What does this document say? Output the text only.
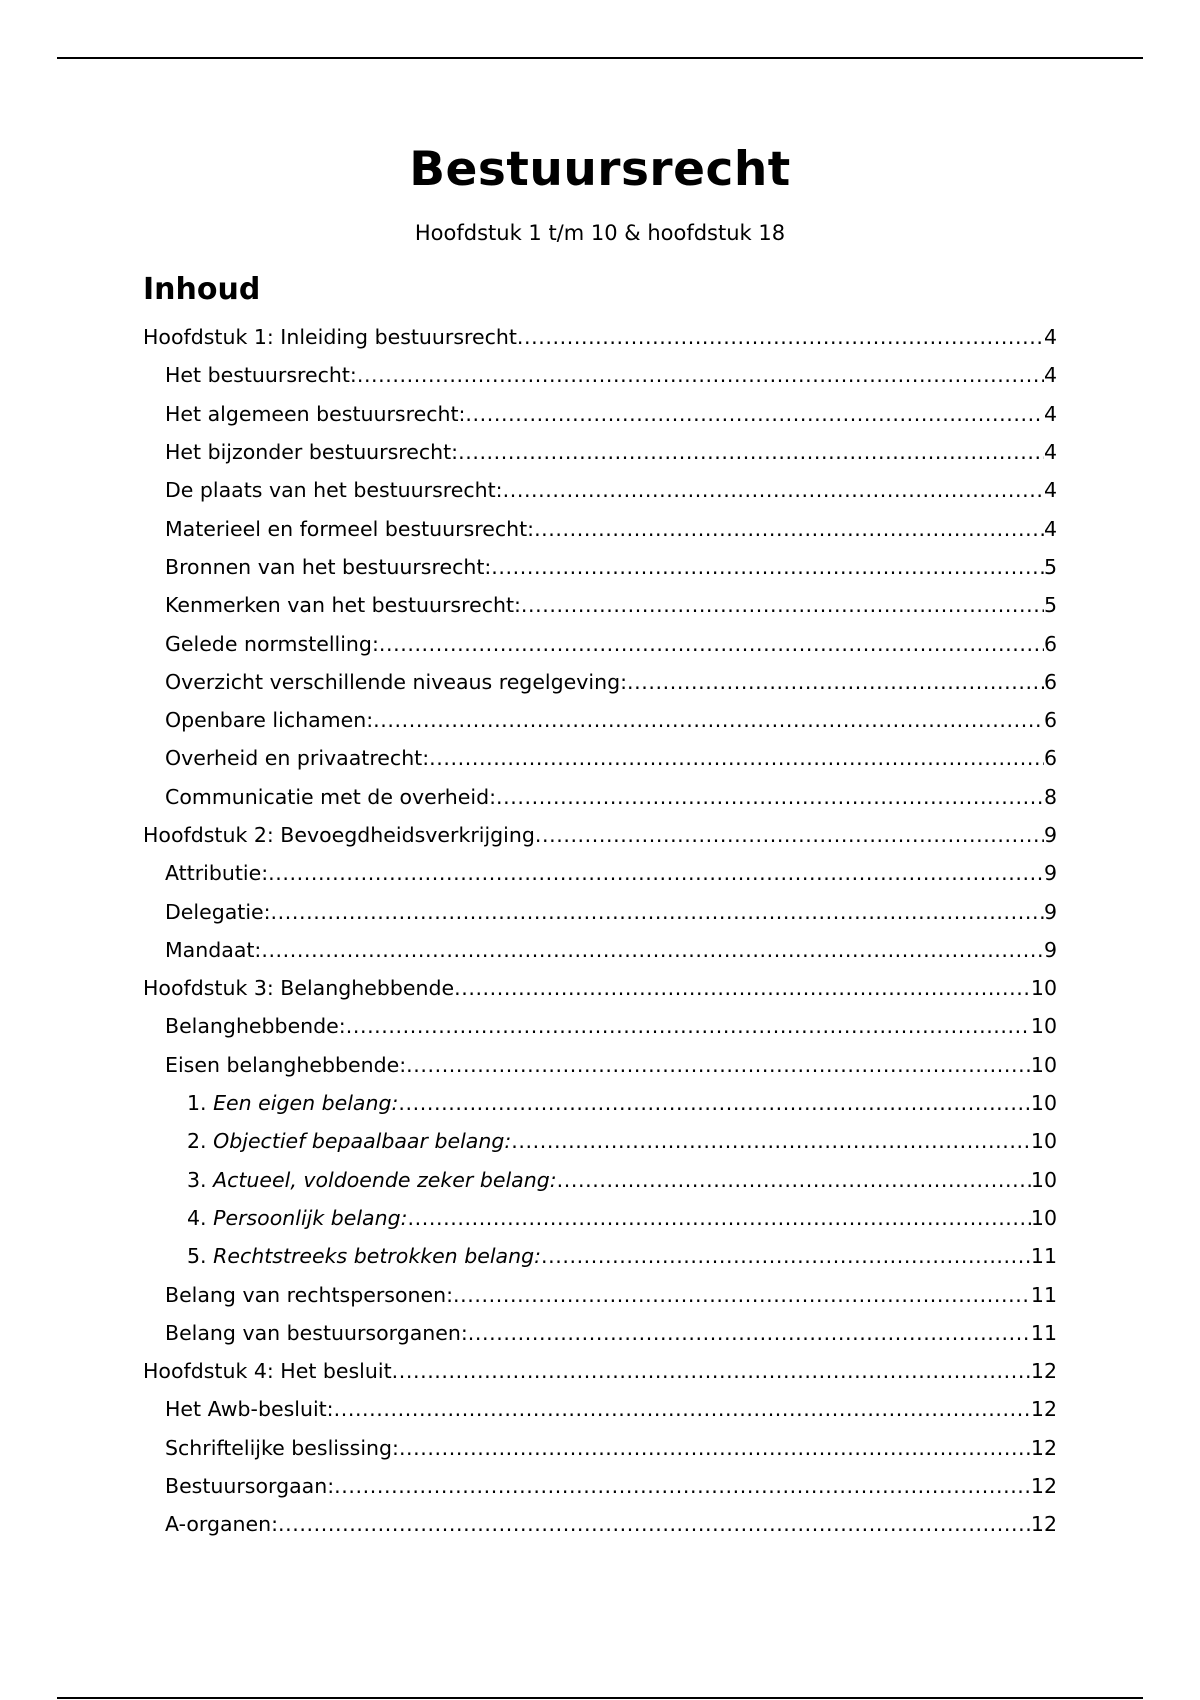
Bestuursrecht
Hoofdstuk 1 t/m 10 & hoofdstuk 18
Inhoud
Hoofdstuk 1: Inleiding bestuursrecht .....	4
Het bestuursrecht: .....	4
Het algemeen bestuursrecht: .....	4
Het bijzonder bestuursrecht: .....	4
De plaats van het bestuursrecht: .....	4
Materieel en formeel bestuursrecht: .....	4
Bronnen van het bestuursrecht: .....	5
Kenmerken van het bestuursrecht: .....	5
Gelede normstelling: .....	6
Overzicht verschillende niveaus regelgeving: .....	6
Openbare lichamen: .....	6
Overheid en privaatrecht: .....	6
Communicatie met de overheid: .....	8
Hoofdstuk 2: Bevoegdheidsverkrijging .....	9
Attributie: .....	9
Delegatie: .....	9
Mandaat: .....	9
Hoofdstuk 3: Belanghebbende .....	10
Belanghebbende: .....	10
Eisen belanghebbende: .....	10
1. Een eigen belang: .....	10
2. Objectief bepaalbaar belang: .....	10
3. Actueel, voldoende zeker belang: .....	10
4. Persoonlijk belang: .....	10
5. Rechtstreeks betrokken belang: .....	11
Belang van rechtspersonen: .....	11
Belang van bestuursorganen: .....	11
Hoofdstuk 4: Het besluit .....	12
Het Awb-besluit: .....	12
Schriftelijke beslissing: .....	12
Bestuursorgaan: .....	12
A-organen: .....	12
